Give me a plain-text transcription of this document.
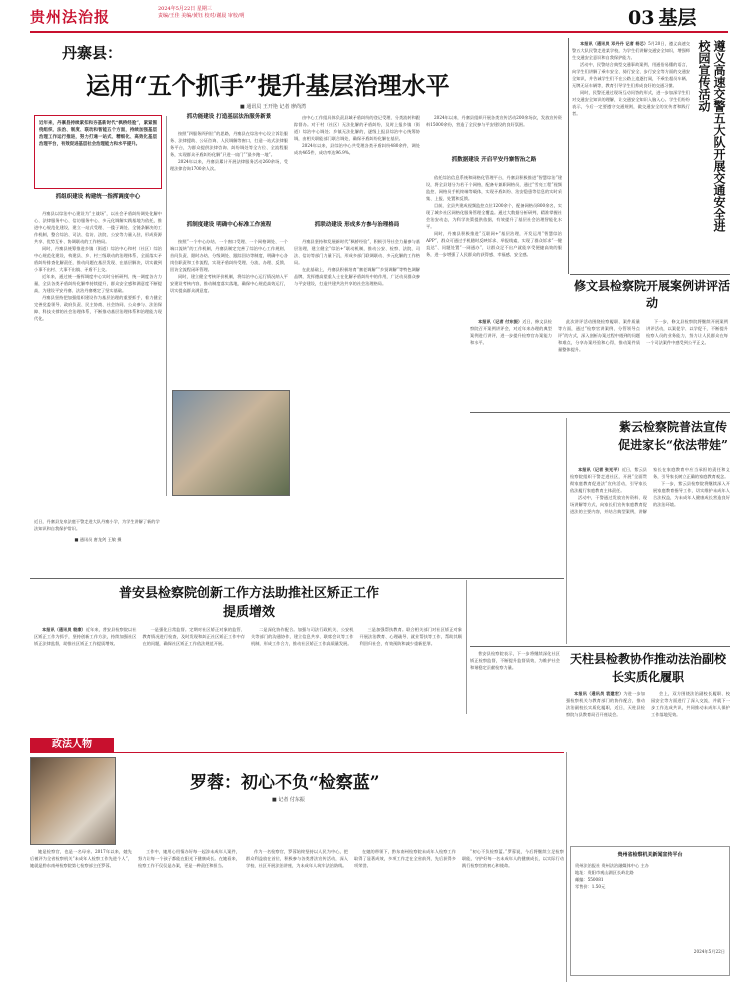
贵州法治报	2024年5月22日 星期三
责编/王佳 美编/黄钰 校对/谢晨 审校/明	03 基层
丹寨县：
运用“五个抓手”提升基层治理水平
■ 通讯员 王开艳 记者 廖尚湾
近年来，丹寨县持续紧扣和夯基新时代“枫桥经验”，紧紧围绕组织、法治、制度、联动和智能五个方面，持续加强基层治理工作运行推进，努力打通一站式、精细化、高效化基层治理平台，有效促进基层社会治理能力和水平提升。
抓组织建设 构建统一指挥调度中心

丹寨县以综治中心建设为“主战场”，以社会矛盾纠纷调处化解中心、法律服务中心、信访服务中心、多元化调解实践基地为依托，推进中心规范化建设，建立一站式受理、一揽子调处、全链条解决的工作机制，整合综治、司法、信访、法院、公安等力量入驻，形成资源共享、优势互补、协调联动的工作格局。

同时，丹寨县统筹推进乡镇（街道）综治中心和村（社区）综治中心规范化建设，构建县、乡、村三级联动的治理体系，全面落实矛盾纠纷排查化解责任，推动问题在基层发现、在基层解决，切实做到小事不出村、大事不出镇、矛盾不上交。

近年来，通过统一指挥调度中心实时分析研判、统一调度各方力量，全县各类矛盾纠纷化解率持续提升，群众安全感和满意度不断提高，为建设平安丹寨、法治丹寨奠定了坚实基础。

丹寨县坚持把加强组织建设作为基层治理的重要抓手，着力健全完善党委领导、政府负责、民主协商、社会协同、公众参与、法治保障、科技支撑的社会治理体系，不断推动基层治理体系和治理能力现代化。

抓功能建设 打造基层法治服务新景

按照“四服务四到位”的思路，丹寨县在综治中心设立诉讼服务、法律援助、公证咨询、人民调解等窗口，打造一站式法律服务平台，为群众提供法律咨询、纠纷调处等全方位、全流程服务，实现群众矛盾纠纷化解“只进一扇门”“最多跑一地”。

2024年以来，丹寨县累计开展法律服务活动260余场，受理法律咨询1700余人次。

抓制度建设 明确中心标准工作流程

按照“一个中心办结、一个窗口受理、一个网格调处、一个端口流转”的工作机制，丹寨县制定完善了综治中心工作规则、首问负责、限时办结、分级调处、跟踪回访等制度，明确中心各岗位职责和工作流程，实现矛盾纠纷受理、分流、办理、反馈、回访全流程闭环管理。

同时，建立健全考核评价机制，将综治中心运行情况纳入平安建设考核内容，推动制度落实落地，确保中心规范高效运行，切实提高群众满意度。

由中心工作组具体负责县域矛盾纠纷的登记受理、分类流转和跟踪督办。对于村（社区）无法化解的矛盾纠纷，及时上报乡镇（街道）综治中心调处；乡镇无法化解的，逐级上报县综治中心统筹协调，由相关职能部门联合调处，确保矛盾纠纷化解在基层。

2024年以来，县综治中心共受理各类矛盾纠纷480余件，调处成功465件，成功率达96.9%。

抓联动建设 形成多方参与治理格局

丹寨县坚持和发展新时代“枫桥经验”，积极引导社会力量参与基层治理，建立健全“综治+”联动机制，推动公安、检察、法院、司法、信访等部门力量下沉，形成多部门联调联动、多元化解的工作格局。

在此基础上，丹寨县积极培育“寨老调解”“乡贤调解”等特色调解品牌，发挥德高望重人士在化解矛盾纠纷中的作用，广泛动员群众参与平安建设，打造共建共治共享的社会治理格局。

2024年以来，丹寨县组织开展各类宣传活动200余场次，发放宣传资料15000余份，营造了全民参与平安建设的良好氛围。

抓数据建设 开启平安丹寨智治之路

依托综治信息系统和网格化管理平台，丹寨县积极推进“智慧综治”建设，将全县划分为若干个网格，配备专兼职网格员，通过“雪亮工程”视频监控、网格员手机终端等载体，实现矛盾纠纷、治安隐患等信息的实时采集、上报、处置和反馈。

目前，全县共建成视频监控点位1200余个，配备网格员800余名，实现了城乡社区网格化服务管理全覆盖。通过大数据分析研判，精准掌握社会治安动态，为科学决策提供依据，有效提升了基层社会治理智能化水平。

同时，丹寨县积极推进“互联网+”基层治理，开发运用“智慧综治APP”，群众可通过手机随时反映诉求、举报线索，实现了群众诉求“一键直达”、问题处置“一网通办”，让群众足不出户就能享受便捷高效的服务，进一步增强了人民群众的获得感、幸福感、安全感。

近日，丹寨县龙泉法庭干警走进大队丹寨小学，为学生讲解了新的学法知识和自我保护常识。
■ 通讯员 唐龙剑 王敏 摄

本报讯（通讯员 邓丹丹 记者 杨芯）5月20日，遵义高速交警五大队民警走进某学校，为学生们讲解交通安全知识，增强师生交通安全意识和自我保护能力。

活动中，民警结合典型交通事故案例，用通俗易懂的语言，向学生们讲解了乘车安全、骑行安全、步行安全等方面的交通安全知识，并告诫学生们不在公路上追逐打闹，不乘坐超员车辆、无牌无证车辆等，教育引导学生们养成良好的交通习惯。

同时，民警还通过现场互动问答的形式，进一步加深学生们对交通安全知识的理解，让交通安全知识入脑入心。学生们纷纷表示，今后一定要遵守交通规则，做交通安全的宣传者和践行者。	遵义高速交警五大队开展交通安全进校园宣传活动
修文县检察院开展案例讲评活动

本报讯（记者 付东振）近日，修文县检察院召开案例讲评会，对近年来办理的典型案例进行讲评，进一步提升检察官办案能力和水平。

此次讲评活动围绕检察履职、案件质量等方面，通过“检察官讲案例、分管领导点评”的方式，深入剖析办案过程中遇到的问题和难点，分享办案经验和心得，推动案件质量整体提升。

下一步，修文县检察院将继续开展案例讲评活动，以案促学、以学促干，不断提升检察人员的业务能力，努力让人民群众在每一个司法案件中感受到公平正义。

紫云检察院普法宣传促进家长“依法带娃”

本报讯（记者 张光平）近日，紫云县检察院组织干警走进社区，开展“全面贯彻家庭教育促进法”宣传活动，引导家长依法履行家庭教育主体责任。

活动中，干警通过发放宣传资料、现场讲解等方式，向家长们宣传家庭教育促进法的主要内容，并结合典型案例，讲解家长在家庭教育中应当承担的责任和义务，引导家长树立正确的家庭教育观念。

下一步，紫云县检察院将继续深入开展家庭教育指导工作，切实维护未成年人合法权益，为未成年人健康成长营造良好的法治环境。

普安县检察院创新工作方法助推社区矫正工作提质增效

本报讯（通讯员 嵇康）近年来，普安县检察院以社区矫正工作为抓手，坚持创新工作方法，持续加强社区矫正法律监督，助推社区矫正工作提质增效。

一是强化日常监督。定期对社区矫正对象的监管、教育情况进行检查，及时发现和纠正社区矫正工作中存在的问题，确保社区矫正工作依法规范开展。

二是深化协作配合。加强与司法行政机关、公安机关等部门的沟通协作，建立信息共享、联席会议等工作机制，形成工作合力，推动社区矫正工作高质量发展。

三是加强帮扶教育。联合相关部门对社区矫正对象开展法治教育、心理疏导、就业帮扶等工作，帮助其顺利回归社会，有效预防和减少重新犯罪。

普安县检察院表示，下一步将继续深化社区矫正检察监督，不断提升监督质效，为维护社会和谐稳定贡献检察力量。

天柱县检教协作推动法治副校长实质化履职

本报讯（通讯员 袁建宏）为进一步加强检察机关与教育部门的协作配合，推动法治副校长实质化履职，近日，天柱县检察院与县教育局召开座谈会。

会上，双方围绕法治副校长履职、校园安全等方面进行了深入交流，并就下一步工作达成共识，共同推动未成年人保护工作落地见效。

政法人物
罗蓉：初心不负“检察蓝”
■ 记者 付东振

她是检察官，也是一名母亲。2017年以来，她先后被评为全省检察机关“未成年人检察工作先进个人”，她就是黔东南州检察院第七检察部主任罗蓉。

工作中，她用心用情办好每一起涉未成年人案件，努力让每一个孩子都能在阳光下健康成长。在她看来，检察工作不仅仅是办案，更是一种责任和担当。

作为一名检察官，罗蓉始终坚持以人民为中心，把群众利益放在首位，积极参与各类普法宣传活动，深入学校、社区开展法治讲座，为未成年人筑牢法治防线。

在她的带领下，黔东南州检察院未成年人检察工作取得了显著成效，多项工作走在全省前列，先后获得多项荣誉。

“初心不负检察蓝。”罗蓉说，今后将继续立足检察职能，守护好每一名未成年人的健康成长，以实际行动践行检察官的初心和使命。

贵州省检察机关新闻宣传平台
贵州法治报社 贵州法治融媒体中心 主办
地址：贵阳市观山湖区长岭北路
邮编：550081
零售价：1.50元
2024年5月22日
